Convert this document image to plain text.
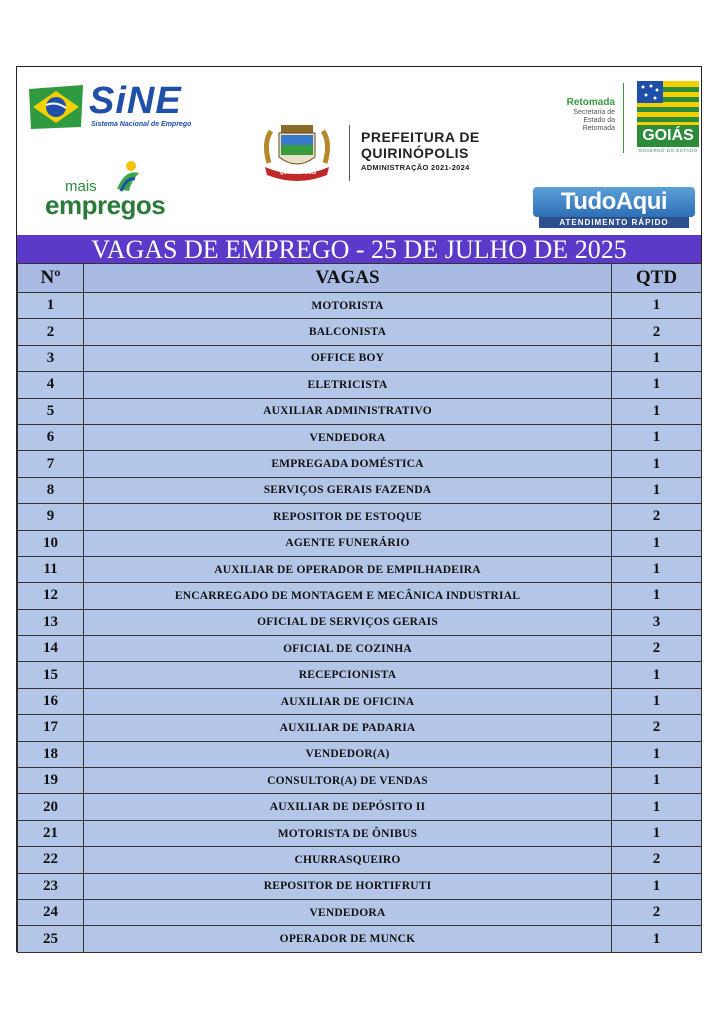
SiNE
Sistema Nacional de Emprego
mais
empregos
QUIRINÓPOLIS
PREFEITURA DE
QUIRINÓPOLIS
ADMINISTRAÇÃO 2021-2024
Retomada
Secretaria de
Estado da
Retomada	GOIÁS
GOVERNO DO ESTADO
TudoAqui
ATENDIMENTO RÁPIDO
VAGAS DE EMPREGO - 25 DE JULHO DE 2025
Nº	VAGAS	QTD
1	MOTORISTA	1
2	BALCONISTA	2
3	OFFICE BOY	1
4	ELETRICISTA	1
5	AUXILIAR ADMINISTRATIVO	1
6	VENDEDORA	1
7	EMPREGADA DOMÉSTICA	1
8	SERVIÇOS GERAIS FAZENDA	1
9	REPOSITOR DE ESTOQUE	2
10	AGENTE FUNERÁRIO	1
11	AUXILIAR DE OPERADOR DE EMPILHADEIRA	1
12	ENCARREGADO DE MONTAGEM E MECÂNICA INDUSTRIAL	1
13	OFICIAL DE SERVIÇOS GERAIS	3
14	OFICIAL DE COZINHA	2
15	RECEPCIONISTA	1
16	AUXILIAR DE OFICINA	1
17	AUXILIAR DE PADARIA	2
18	VENDEDOR(A)	1
19	CONSULTOR(A) DE VENDAS	1
20	AUXILIAR DE DEPÓSITO II	1
21	MOTORISTA DE ÔNIBUS	1
22	CHURRASQUEIRO	2
23	REPOSITOR DE HORTIFRUTI	1
24	VENDEDORA	2
25	OPERADOR DE MUNCK	1
